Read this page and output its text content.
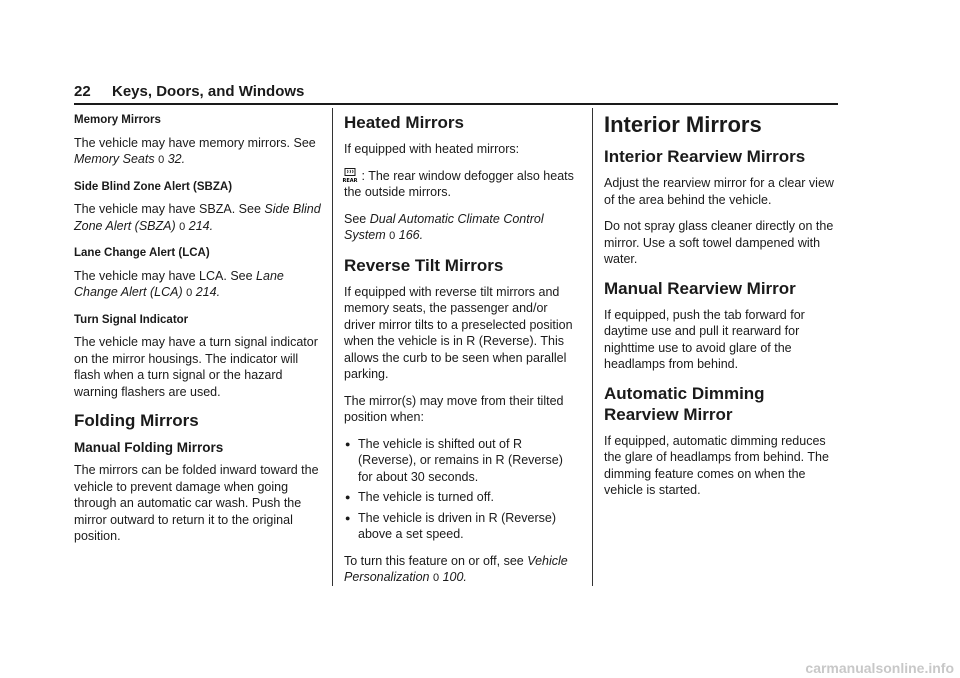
22 Keys, Doors, and Windows

Memory Mirrors

The vehicle may have memory mirrors. See Memory Seats 0 32.

Side Blind Zone Alert (SBZA)

The vehicle may have SBZA. See Side Blind Zone Alert (SBZA) 0 214.

Lane Change Alert (LCA)

The vehicle may have LCA. See Lane Change Alert (LCA) 0 214.

Turn Signal Indicator

The vehicle may have a turn signal indicator on the mirror housings. The indicator will flash when a turn signal or the hazard warning flashers are used.

Folding Mirrors
Manual Folding Mirrors

The mirrors can be folded inward toward the vehicle to prevent damage when going through an automatic car wash. Push the mirror outward to return it to the original position.

Heated Mirrors

If equipped with heated mirrors:

REAR : The rear window defogger also heats the outside mirrors.

See Dual Automatic Climate Control System 0 166.

Reverse Tilt Mirrors

If equipped with reverse tilt mirrors and memory seats, the passenger and/or driver mirror tilts to a preselected position when the vehicle is in R (Reverse). This allows the curb to be seen when parallel parking.

The mirror(s) may move from their tilted position when:

● The vehicle is shifted out of R (Reverse), or remains in R (Reverse) for about 30 seconds.
● The vehicle is turned off.
● The vehicle is driven in R (Reverse) above a set speed.

To turn this feature on or off, see Vehicle Personalization 0 100.

Interior Mirrors
Interior Rearview Mirrors

Adjust the rearview mirror for a clear view of the area behind the vehicle.

Do not spray glass cleaner directly on the mirror. Use a soft towel dampened with water.

Manual Rearview Mirror

If equipped, push the tab forward for daytime use and pull it rearward for nighttime use to avoid glare of the headlamps from behind.

Automatic Dimming Rearview Mirror

If equipped, automatic dimming reduces the glare of headlamps from behind. The dimming feature comes on when the vehicle is started.

carmanualsonline.info
